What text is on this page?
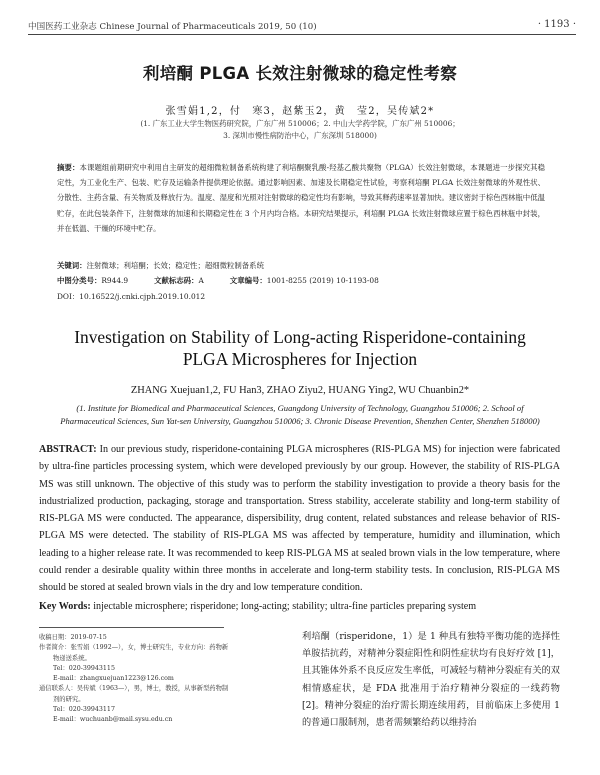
中国医药工业杂志 Chinese Journal of Pharmaceuticals 2019, 50 (10)	· 1193 ·
利培酮 PLGA 长效注射微球的稳定性考察
张雪娟1,2，付　寒3，赵紫玉2，黄　莹2，吴传斌2*
(1. 广东工业大学生物医药研究院，广东广州 510006；2. 中山大学药学院，广东广州 510006；
3. 深圳市慢性病防治中心，广东深圳 518000)
摘要：本课题组前期研究中利用自主研发的超细微粒制备系统构建了利培酮聚乳酸-羟基乙酸共聚物（PLGA）长效注射微球，本课题进一步探究其稳定性，为工业化生产、包装、贮存及运输条件提供理论依据。通过影响因素、加速及长期稳定性试验，考察利培酮 PLGA 长效注射微球的外观性状、分散性、主药含量、有关物质及释放行为。温度、湿度和光照对注射微球的稳定性均有影响，导致其释药速率显著加快。建议密封于棕色西林瓶中低温贮存，在此包装条件下，注射微球的加速和长期稳定性在 3 个月内均合格。本研究结果提示，利培酮 PLGA 长效注射微球应置于棕色西林瓶中封装，并在低温、干燥的环境中贮存。
关键词：注射微球；利培酮；长效；稳定性；超细微粒制备系统
中图分类号：R944.9	文献标志码：A	文章编号：1001-8255 (2019) 10-1193-08
DOI：10.16522/j.cnki.cjph.2019.10.012
Investigation on Stability of Long-acting Risperidone-containing
PLGA Microspheres for Injection
ZHANG Xuejuan1,2, FU Han3, ZHAO Ziyu2, HUANG Ying2, WU Chuanbin2*
(1. Institute for Biomedical and Pharmaceutical Sciences, Guangdong University of Technology, Guangzhou 510006; 2. School of
Pharmaceutical Sciences, Sun Yat-sen University, Guangzhou 510006; 3. Chronic Disease Prevention, Shenzhen Center, Shenzhen 518000)
ABSTRACT: In our previous study, risperidone-containing PLGA microspheres (RIS-PLGA MS) for injection were fabricated by ultra-fine particles processing system, which were developed previously by our group. However, the stability of RIS-PLGA MS was still unknown. The objective of this study was to perform the stability investigation to provide a theory basis for the industrialized production, packaging, storage and transportation. Stress stability, accelerate stability and long-term stability of RIS-PLGA MS were conducted. The appearance, dispersibility, drug content, related substances and release behavior of RIS-PLGA MS were detected. The stability of RIS-PLGA MS was affected by temperature, humidity and illumination, which leading to a higher release rate. It was recommended to keep RIS-PLGA MS at sealed brown vials in the low temperature, where could render a desirable quality within three months in accelerate and long-term stability tests. In conclusion, RIS-PLGA MS should be stored at sealed brown vials in the dry and low temperature condition.
Key Words: injectable microsphere; risperidone; long-acting; stability; ultra-fine particles preparing system
收稿日期：2019-07-15
作者简介：张雪娟（1992—），女，博士研究生，专业方向：药物新
物递送系统。
Tel：020-39943115
E-mail：zhangxuejuan1223@126.com
通信联系人：吴传斌（1963—），男，博士，教授，从事新型药物制
剂的研究。
Tel：020-39943117
E-mail：wuchuanb@mail.sysu.edu.cn
利培酮（risperidone，1）是 1 种具有独特平衡功能的选择性单胺拮抗药，对精神分裂症阳性和阴性症状均有良好疗效 [1]，且其锥体外系不良反应发生率低，可减轻与精神分裂症有关的双相情感症状，是 FDA 批准用于治疗精神分裂症的一线药物 [2]。精神分裂症的治疗需长期连续用药，目前临床上多使用 1 的普通口服制剂，患者需频繁给药以维持治
